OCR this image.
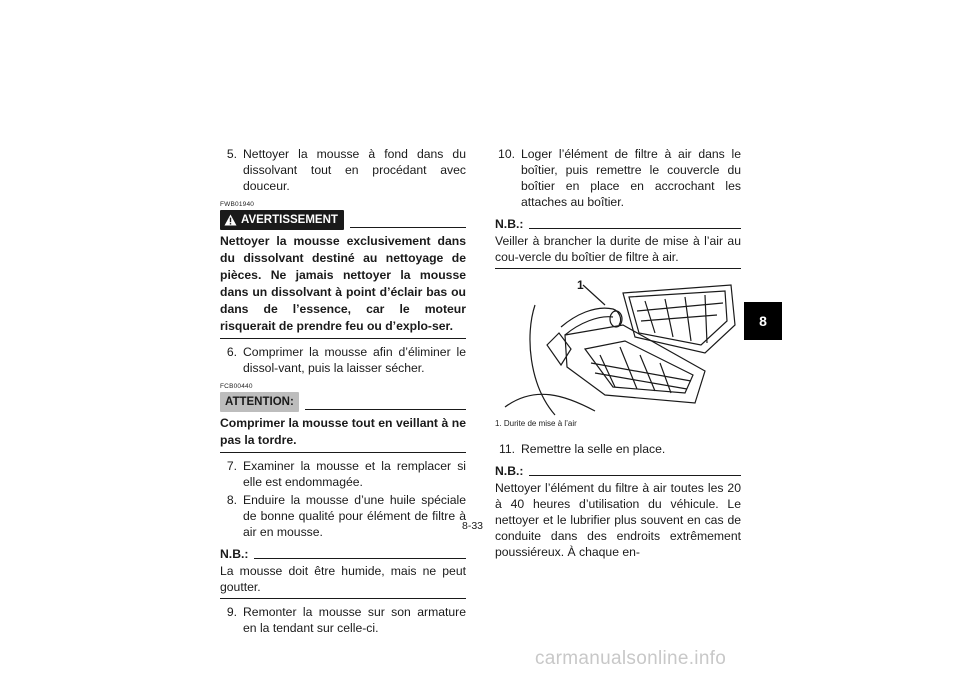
5. Nettoyer la mousse à fond dans du dissolvant tout en procédant avec douceur.
FWB01940
AVERTISSEMENT
Nettoyer la mousse exclusivement dans du dissolvant destiné au nettoyage de pièces. Ne jamais nettoyer la mousse dans un dissolvant à point d’éclair bas ou dans de l’essence, car le moteur risquerait de prendre feu ou d’explo-ser.
6. Comprimer la mousse afin d’éliminer le dissol-vant, puis la laisser sécher.
FCB00440
ATTENTION:
Comprimer la mousse tout en veillant à ne pas la tordre.
7. Examiner la mousse et la remplacer si elle est endommagée.
8. Enduire la mousse d’une huile spéciale de bonne qualité pour élément de filtre à air en mousse.
N.B.:
La mousse doit être humide, mais ne peut goutter.
9. Remonter la mousse sur son armature en la tendant sur celle-ci.
10. Loger l’élément de filtre à air dans le boîtier, puis remettre le couvercle du boîtier en place en accrochant les attaches au boîtier.
N.B.:
Veiller à brancher la durite de mise à l’air au cou-vercle du boîtier de filtre à air.
1
1. Durite de mise à l’air
11. Remettre la selle en place.
N.B.:
Nettoyer l’élément du filtre à air toutes les 20 à 40 heures d’utilisation du véhicule. Le nettoyer et le lubrifier plus souvent en cas de conduite dans des endroits extrêmement poussiéreux. À chaque en-
8-33
8
carmanualsonline.info
